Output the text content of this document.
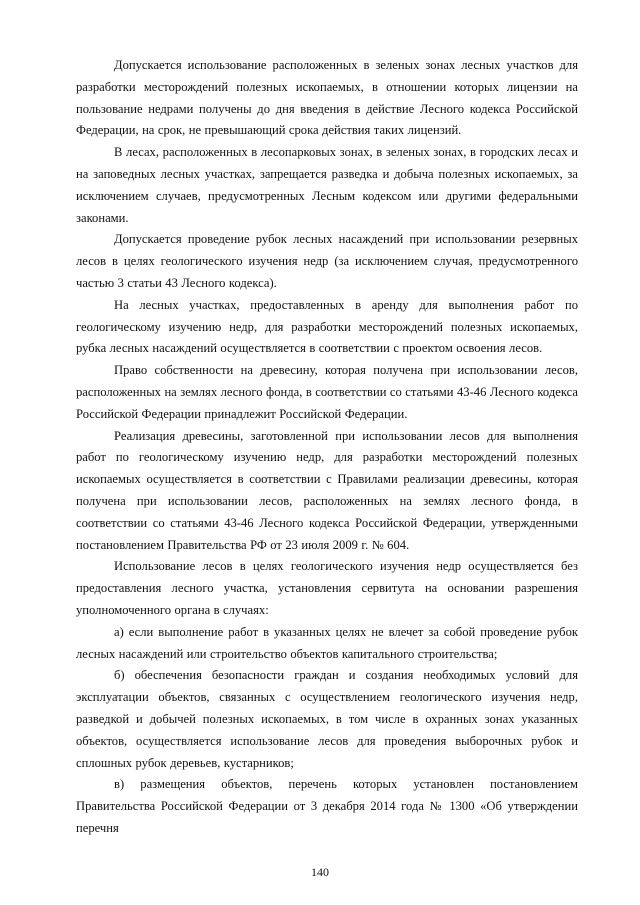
Допускается использование расположенных в зеленых зонах лесных участков для разработки месторождений полезных ископаемых, в отношении которых лицензии на пользование недрами получены до дня введения в действие Лесного кодекса Российской Федерации, на срок, не превышающий срока действия таких лицензий.

В лесах, расположенных в лесопарковых зонах, в зеленых зонах, в городских лесах и на заповедных лесных участках, запрещается разведка и добыча полезных ископаемых, за исключением случаев, предусмотренных Лесным кодексом или другими федеральными законами.

Допускается проведение рубок лесных насаждений при использовании резервных лесов в целях геологического изучения недр (за исключением случая, предусмотренного частью 3 статьи 43 Лесного кодекса).

На лесных участках, предоставленных в аренду для выполнения работ по геологическому изучению недр, для разработки месторождений полезных ископаемых, рубка лесных насаждений осуществляется в соответствии с проектом освоения лесов.

Право собственности на древесину, которая получена при использовании лесов, расположенных на землях лесного фонда, в соответствии со статьями 43-46 Лесного кодекса Российской Федерации принадлежит Российской Федерации.

Реализация древесины, заготовленной при использовании лесов для выполнения работ по геологическому изучению недр, для разработки месторождений полезных ископаемых осуществляется в соответствии с Правилами реализации древесины, которая получена при использовании лесов, расположенных на землях лесного фонда, в соответствии со статьями 43-46 Лесного кодекса Российской Федерации, утвержденными постановлением Правительства РФ от 23 июля 2009 г. № 604.

Использование лесов в целях геологического изучения недр осуществляется без предоставления лесного участка, установления сервитута на основании разрешения уполномоченного органа в случаях:

а) если выполнение работ в указанных целях не влечет за собой проведение рубок лесных насаждений или строительство объектов капитального строительства;

б) обеспечения безопасности граждан и создания необходимых условий для эксплуатации объектов, связанных с осуществлением геологического изучения недр, разведкой и добычей полезных ископаемых, в том числе в охранных зонах указанных объектов, осуществляется использование лесов для проведения выборочных рубок и сплошных рубок деревьев, кустарников;

в) размещения объектов, перечень которых установлен постановлением Правительства Российской Федерации от 3 декабря 2014 года № 1300 «Об утверждении перечня

140
